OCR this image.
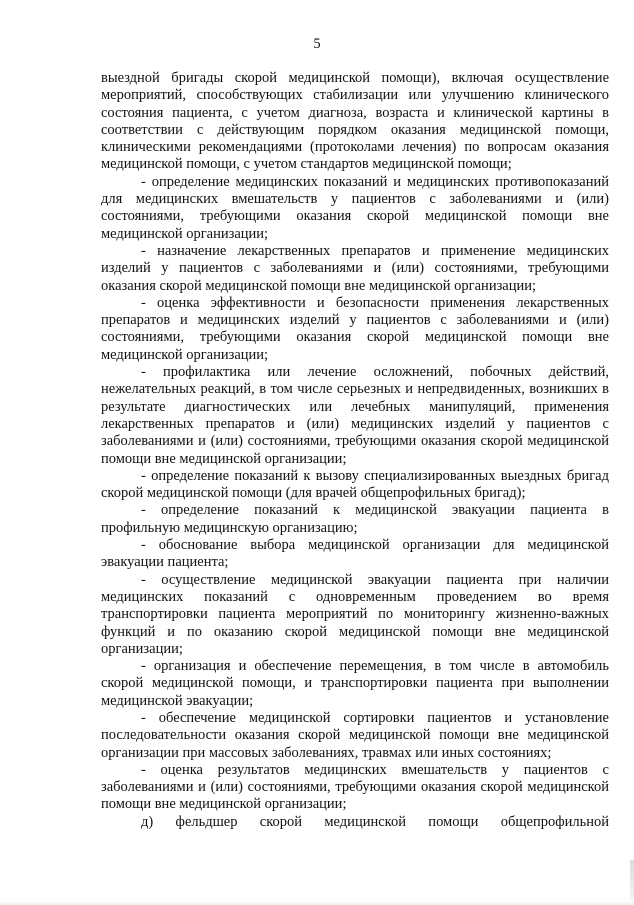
5

выездной бригады скорой медицинской помощи), включая осуществление мероприятий, способствующих стабилизации или улучшению клинического состояния пациента, с учетом диагноза, возраста и клинической картины в соответствии с действующим порядком оказания медицинской помощи, клиническими рекомендациями (протоколами лечения) по вопросам оказания медицинской помощи, с учетом стандартов медицинской помощи;

- определение медицинских показаний и медицинских противопоказаний для медицинских вмешательств у пациентов с заболеваниями и (или) состояниями, требующими оказания скорой медицинской помощи вне медицинской организации;

- назначение лекарственных препаратов и применение медицинских изделий у пациентов с заболеваниями и (или) состояниями, требующими оказания скорой медицинской помощи вне медицинской организации;

- оценка эффективности и безопасности применения лекарственных препаратов и медицинских изделий у пациентов с заболеваниями и (или) состояниями, требующими оказания скорой медицинской помощи вне медицинской организации;

- профилактика или лечение осложнений, побочных действий, нежелательных реакций, в том числе серьезных и непредвиденных, возникших в результате диагностических или лечебных манипуляций, применения лекарственных препаратов и (или) медицинских изделий у пациентов с заболеваниями и (или) состояниями, требующими оказания скорой медицинской помощи вне медицинской организации;

- определение показаний к вызову специализированных выездных бригад скорой медицинской помощи (для врачей общепрофильных бригад);

- определение показаний к медицинской эвакуации пациента в профильную медицинскую организацию;

- обоснование выбора медицинской организации для медицинской эвакуации пациента;

- осуществление медицинской эвакуации пациента при наличии медицинских показаний с одновременным проведением во время транспортировки пациента мероприятий по мониторингу жизненно-важных функций и по оказанию скорой медицинской помощи вне медицинской организации;

- организация и обеспечение перемещения, в том числе в автомобиль скорой медицинской помощи, и транспортировки пациента при выполнении медицинской эвакуации;

- обеспечение медицинской сортировки пациентов и установление последовательности оказания скорой медицинской помощи вне медицинской организации при массовых заболеваниях, травмах или иных состояниях;

- оценка результатов медицинских вмешательств у пациентов с заболеваниями и (или) состояниями, требующими оказания скорой медицинской помощи вне медицинской организации;

д) фельдшер скорой медицинской помощи общепрофильной
